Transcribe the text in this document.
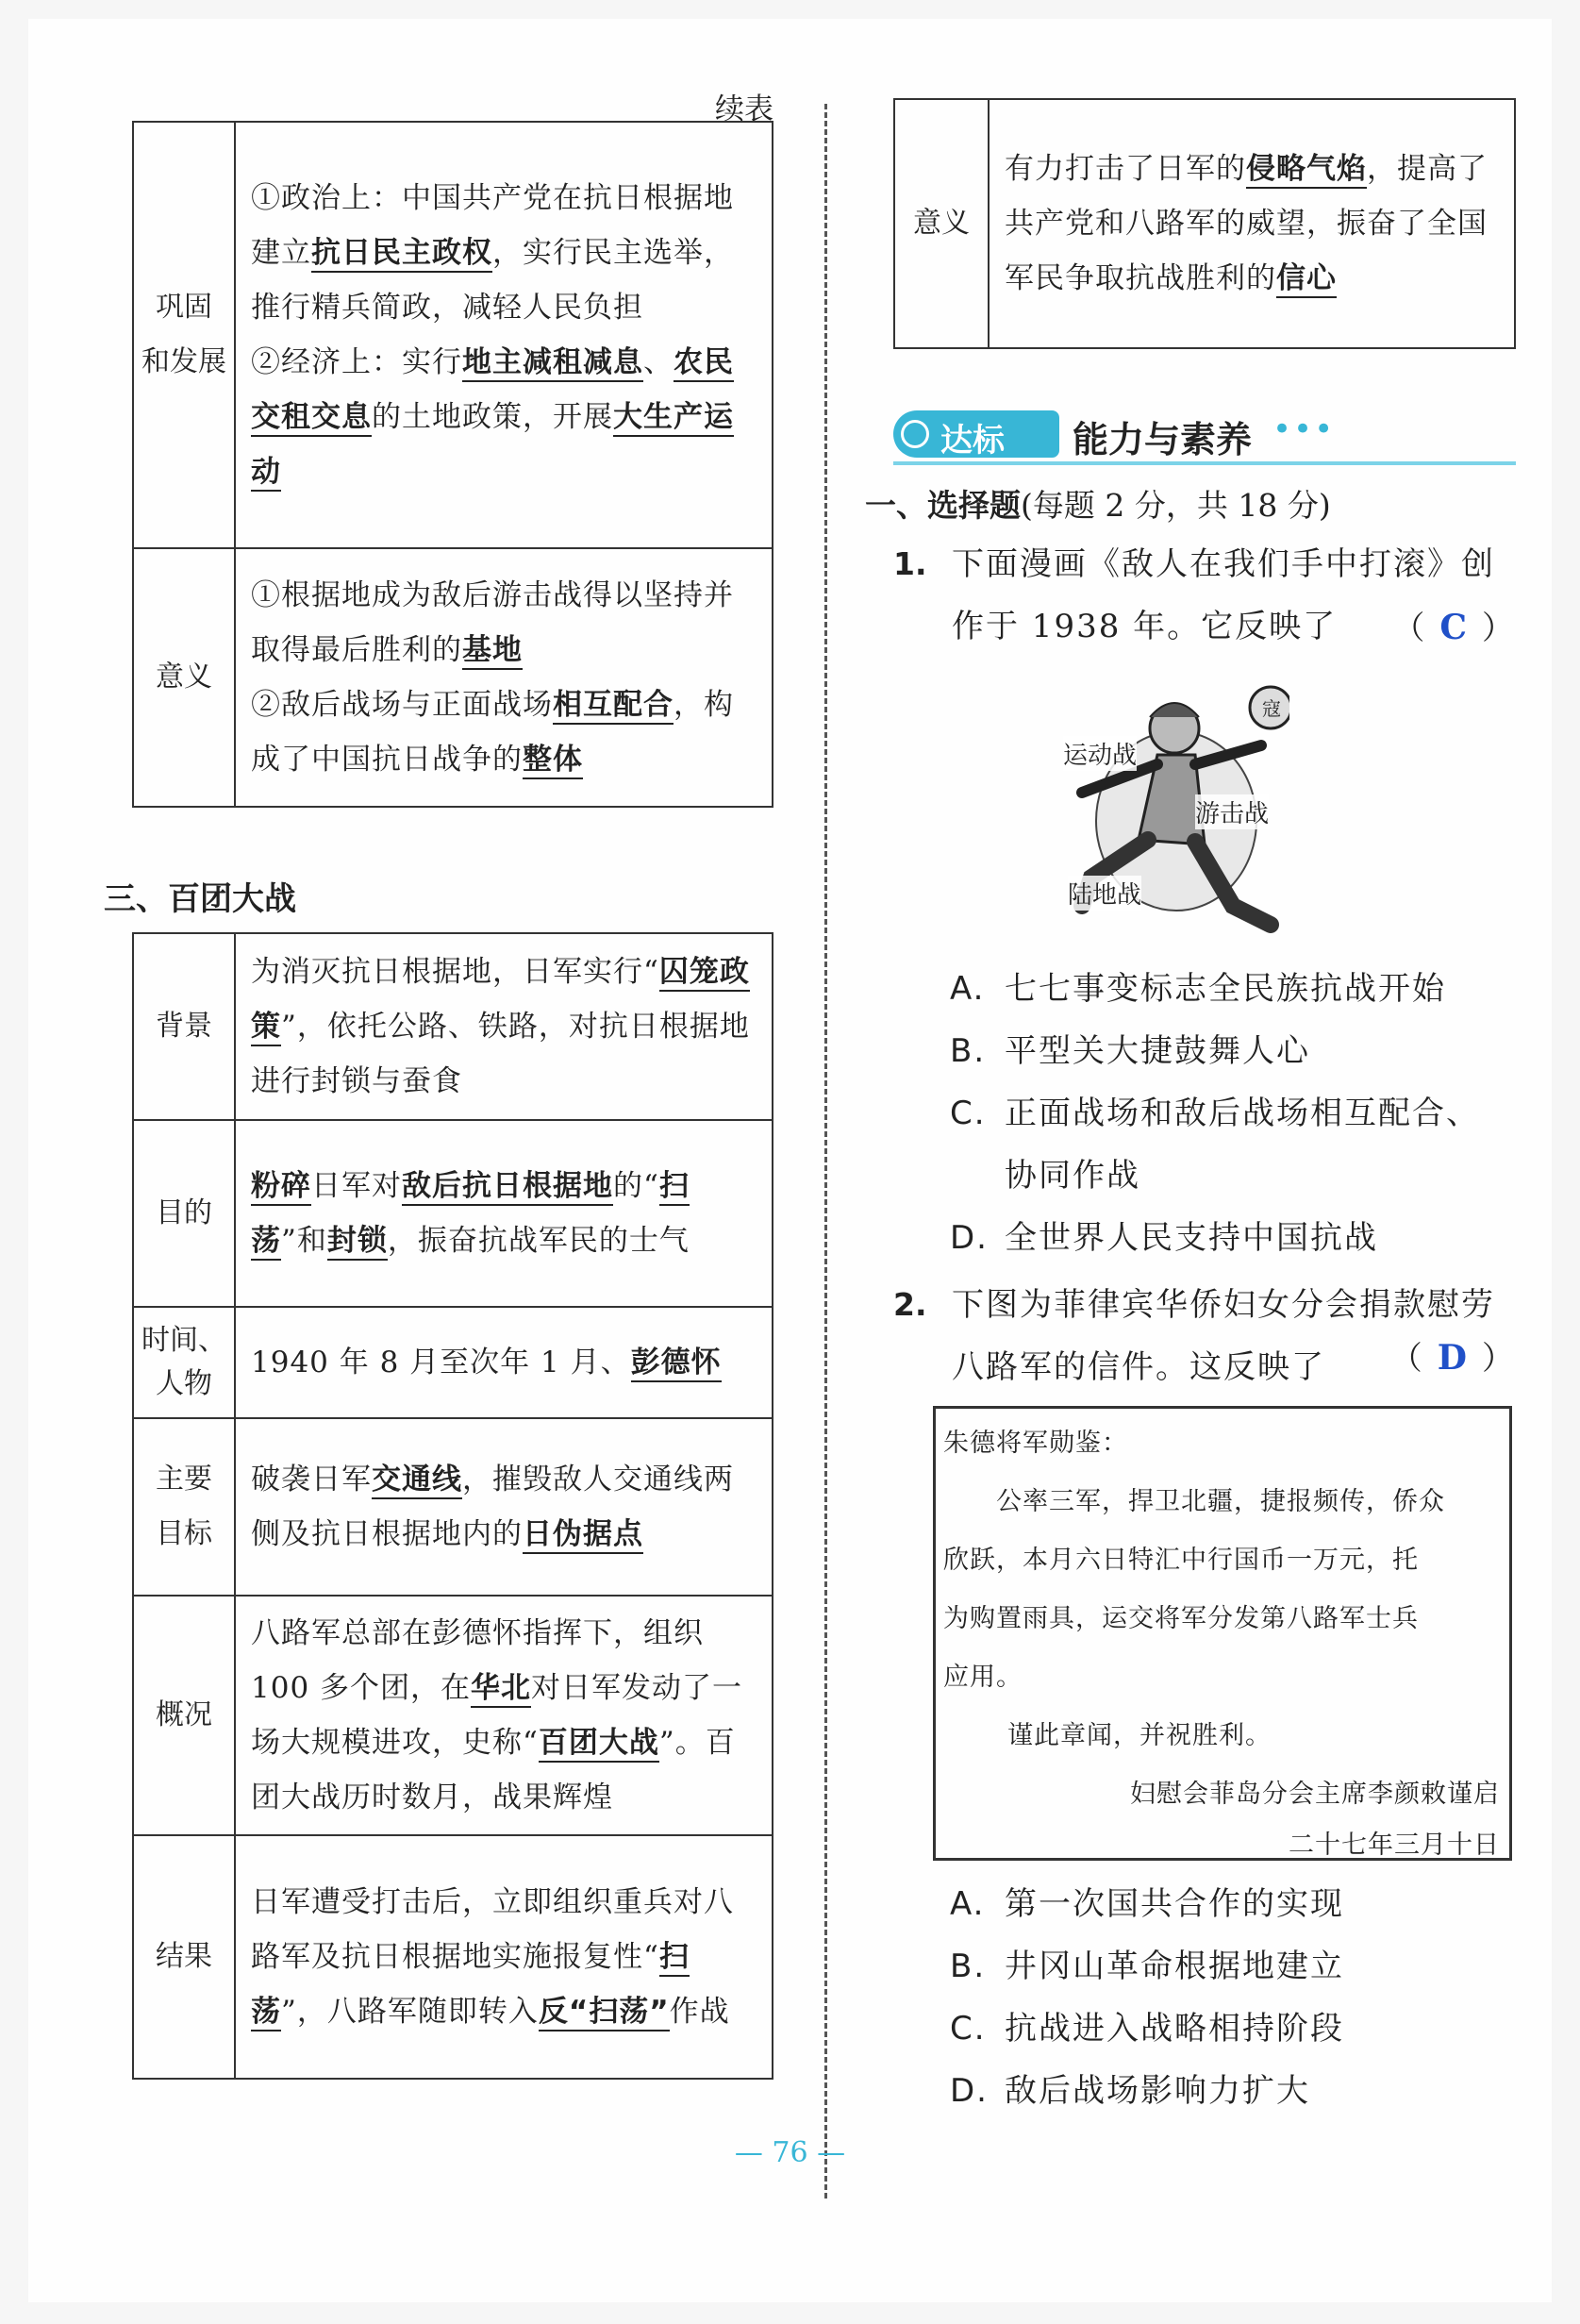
续表
巩固
和发展	①政治上：中国共产党在抗日根据地建立抗日民主政权，实行民主选举，推行精兵简政，减轻人民负担
②经济上：实行地主减租减息、农民交租交息的土地政策，开展大生产运动
意义	①根据地成为敌后游击战得以坚持并取得最后胜利的基地
②敌后战场与正面战场相互配合，构成了中国抗日战争的整体
三、百团大战
背景	为消灭抗日根据地，日军实行“囚笼政策”，依托公路、铁路，对抗日根据地进行封锁与蚕食
目的	粉碎日军对敌后抗日根据地的“扫荡”和封锁，振奋抗战军民的士气
时间、
人物	1940 年 8 月至次年 1 月、彭德怀
主要
目标	破袭日军交通线，摧毁敌人交通线两侧及抗日根据地内的日伪据点
概况	八路军总部在彭德怀指挥下，组织 100 多个团，在华北对日军发动了一场大规模进攻，史称“百团大战”。百团大战历时数月，战果辉煌
结果	日军遭受打击后，立即组织重兵对八路军及抗日根据地实施报复性“扫荡”，八路军随即转入反“扫荡”作战
意义	有力打击了日军的侵略气焰，提高了共产党和八路军的威望，振奋了全国军民争取抗战胜利的信心
达标 能力与素养 •••
一、选择题(每题 2 分，共 18 分)
1. 下面漫画《敌人在我们手中打滚》创作于 1938 年。它反映了	（ C ）
寇
运动战
游击战
陆地战
A. 七七事变标志全民族抗战开始
B. 平型关大捷鼓舞人心
C. 正面战场和敌后战场相互配合、
协同作战
D. 全世界人民支持中国抗战
2. 下图为菲律宾华侨妇女分会捐款慰劳八路军的信件。这反映了	（ D ）
朱德将军勋鉴：
公率三军，捍卫北疆，捷报频传，侨众
欣跃，本月六日特汇中行国币一万元，托
为购置雨具，运交将军分发第八路军士兵
应用。
谨此章闻，并祝胜利。
妇慰会菲岛分会主席李颜敕谨启
二十七年三月十日
A. 第一次国共合作的实现
B. 井冈山革命根据地建立
C. 抗战进入战略相持阶段
D. 敌后战场影响力扩大
— 76 —
